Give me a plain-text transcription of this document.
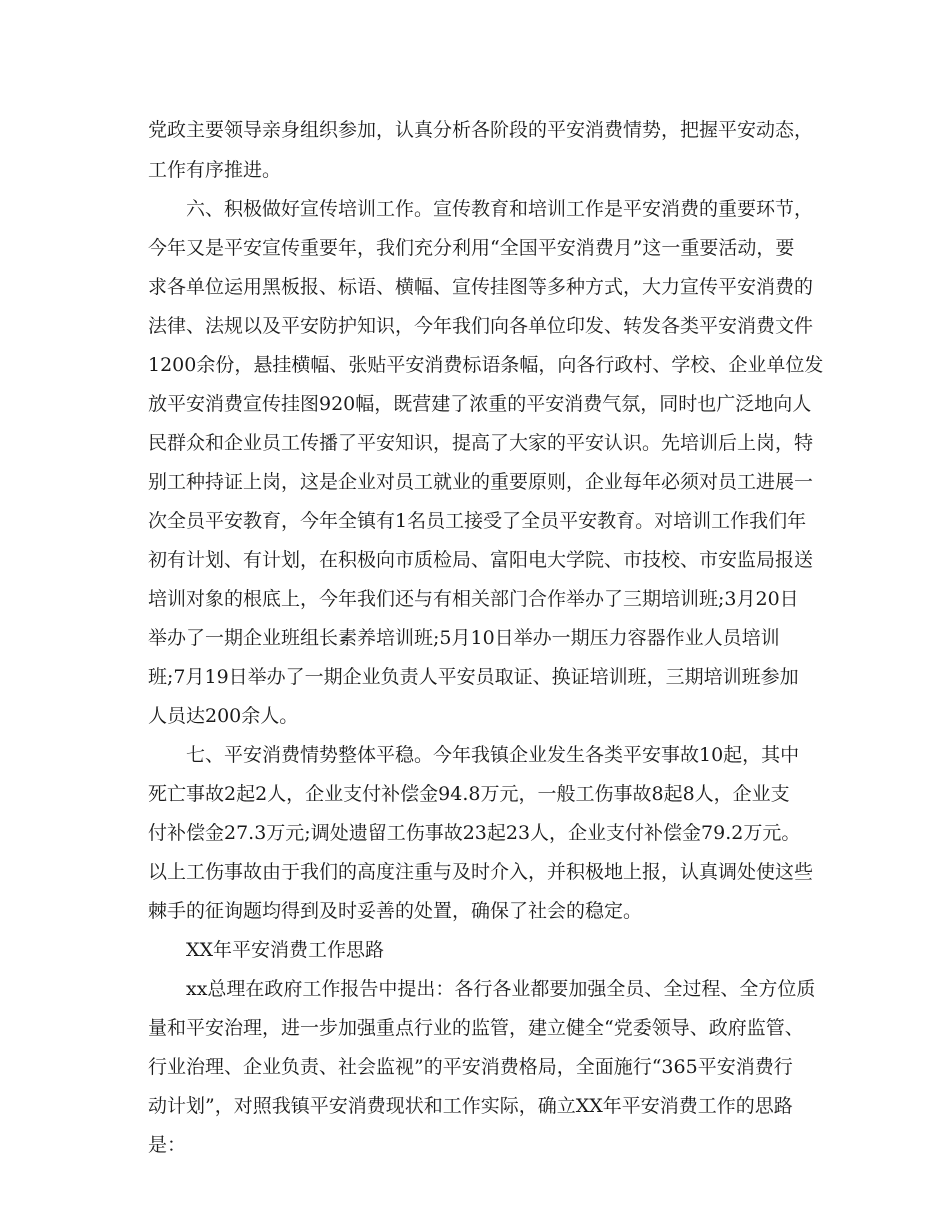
党政主要领导亲身组织参加，认真分析各阶段的平安消费情势，把握平安动态，
工作有序推进。
六、积极做好宣传培训工作。宣传教育和培训工作是平安消费的重要环节，
今年又是平安宣传重要年，我们充分利用“全国平安消费月”这一重要活动，要
求各单位运用黑板报、标语、横幅、宣传挂图等多种方式，大力宣传平安消费的
法律、法规以及平安防护知识，今年我们向各单位印发、转发各类平安消费文件
1200余份，悬挂横幅、张贴平安消费标语条幅，向各行政村、学校、企业单位发
放平安消费宣传挂图920幅，既营建了浓重的平安消费气氛，同时也广泛地向人
民群众和企业员工传播了平安知识，提高了大家的平安认识。先培训后上岗，特
别工种持证上岗，这是企业对员工就业的重要原则，企业每年必须对员工进展一
次全员平安教育，今年全镇有1名员工接受了全员平安教育。对培训工作我们年
初有计划、有计划，在积极向市质检局、富阳电大学院、市技校、市安监局报送
培训对象的根底上，今年我们还与有相关部门合作举办了三期培训班;3月20日
举办了一期企业班组长素养培训班;5月10日举办一期压力容器作业人员培训
班;7月19日举办了一期企业负责人平安员取证、换证培训班，三期培训班参加
人员达200余人。
七、平安消费情势整体平稳。今年我镇企业发生各类平安事故10起，其中
死亡事故2起2人，企业支付补偿金94.8万元，一般工伤事故8起8人，企业支
付补偿金27.3万元;调处遗留工伤事故23起23人，企业支付补偿金79.2万元。
以上工伤事故由于我们的高度注重与及时介入，并积极地上报，认真调处使这些
棘手的征询题均得到及时妥善的处置，确保了社会的稳定。
XX年平安消费工作思路
xx总理在政府工作报告中提出：各行各业都要加强全员、全过程、全方位质
量和平安治理，进一步加强重点行业的监管，建立健全“党委领导、政府监管、
行业治理、企业负责、社会监视”的平安消费格局，全面施行“365平安消费行
动计划”，对照我镇平安消费现状和工作实际，确立XX年平安消费工作的思路
是：
